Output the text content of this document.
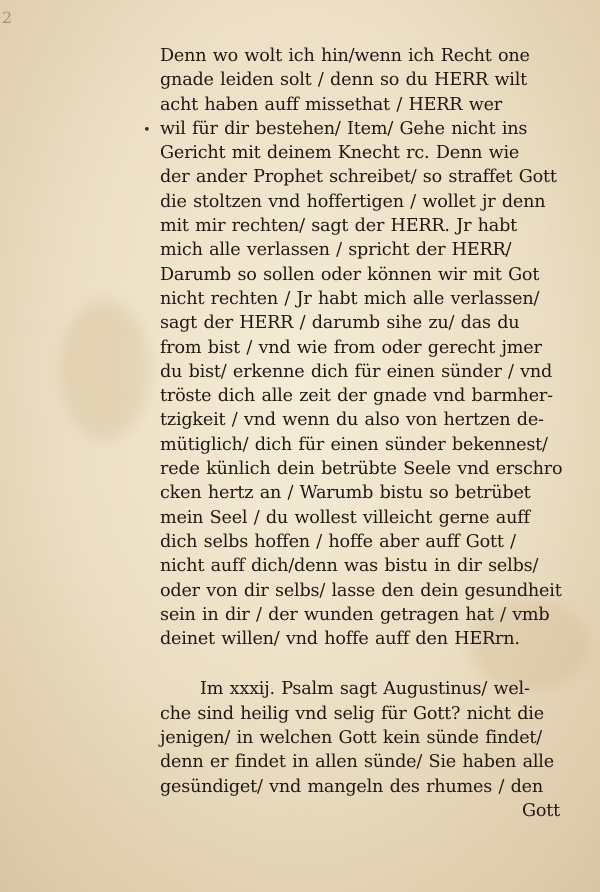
2
•
Denn wo wolt ich hin/wenn ich Recht one
gnade leiden solt / denn so du HERR wilt
acht haben auff missethat / HERR wer
wil für dir bestehen/ Item/ Gehe nicht ins
Gericht mit deinem Knecht rc. Denn wie
der ander Prophet schreibet/ so straffet Gott
die stoltzen vnd hoffertigen / wollet jr denn
mit mir rechten/ sagt der HERR. Jr habt
mich alle verlassen / spricht der HERR/
Darumb so sollen oder können wir mit Got
nicht rechten / Jr habt mich alle verlassen/
sagt der HERR / darumb sihe zu/ das du
from bist / vnd wie from oder gerecht jmer
du bist/ erkenne dich für einen sünder / vnd
tröste dich alle zeit der gnade vnd barmher-
tzigkeit / vnd wenn du also von hertzen de-
mütiglich/ dich für einen sünder bekennest/
rede künlich dein betrübte Seele vnd erschro
cken hertz an / Warumb bistu so betrübet
mein Seel / du wollest villeicht gerne auff
dich selbs hoffen / hoffe aber auff Gott /
nicht auff dich/denn was bistu in dir selbs/
oder von dir selbs/ lasse den dein gesundheit
sein in dir / der wunden getragen hat / vmb
deinet willen/ vnd hoffe auff den HERrn.
Im xxxij. Psalm sagt Augustinus/ wel-
che sind heilig vnd selig für Gott? nicht die
jenigen/ in welchen Gott kein sünde findet/
denn er findet in allen sünde/ Sie haben alle
gesündiget/ vnd mangeln des rhumes / den
Gott
